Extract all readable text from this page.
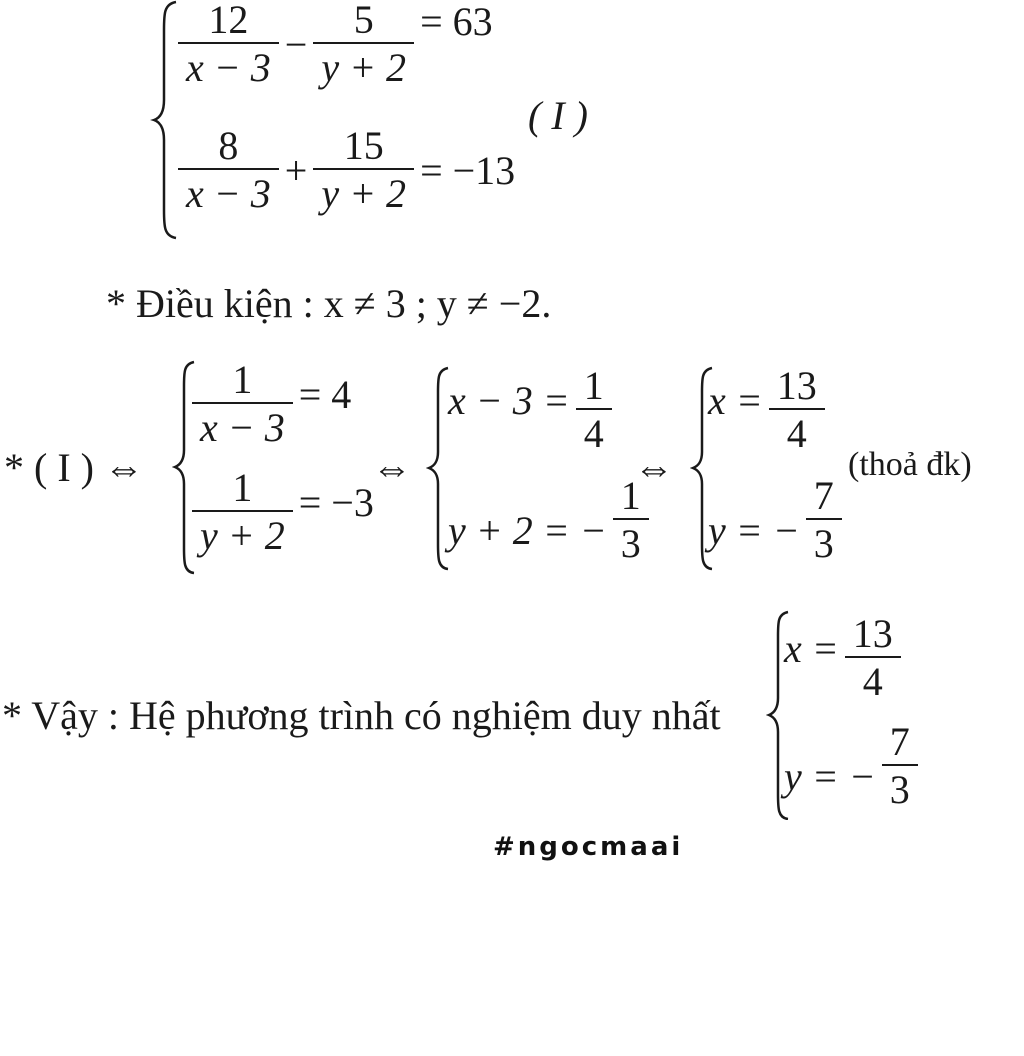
$\frac{12}{x - 3} - \frac{5}{y + 2} = 63$
$\frac{8}{x - 3} + \frac{15}{y + 2} = -13$
( I )
* Điều kiện : x ≠ 3 ; y ≠ −2.
* ( I ) ⇔
$\frac{1}{x - 3} = 4$
$\frac{1}{y + 2} = -3$
⇔
$x - 3 = \frac{1}{4}$
y + 2 = − $\frac{1}{3}$
⇔
$x = \frac{13}{4}$
y = − $\frac{7}{3}$
(thoả đk)
* Vậy : Hệ phương trình có nghiệm duy nhất
$x = \frac{13}{4}$
y = − $\frac{7}{3}$
#ngocmaai
